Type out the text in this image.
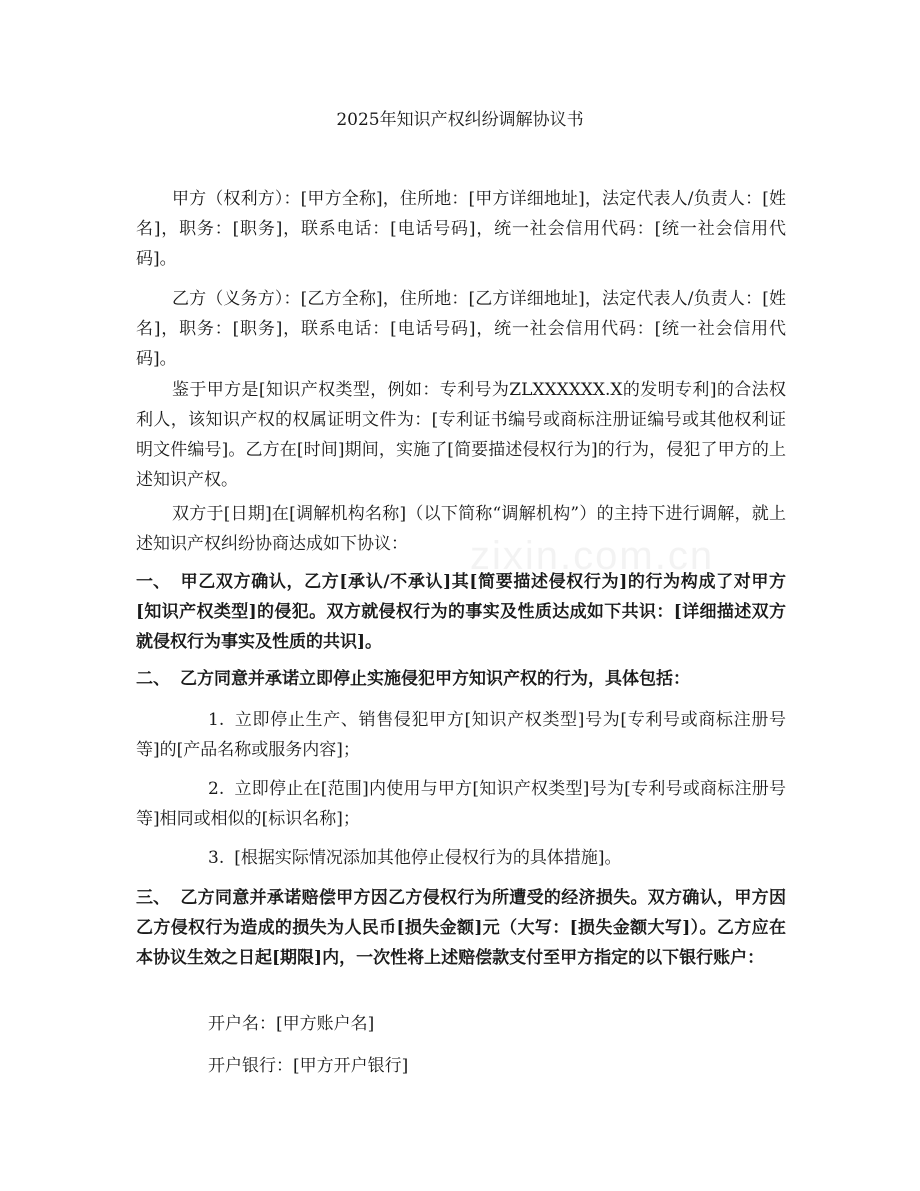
2025年知识产权纠纷调解协议书

甲方（权利方）：[甲方全称]，住所地：[甲方详细地址]，法定代表人/负责人：[姓名]，职务：[职务]，联系电话：[电话号码]，统一社会信用代码：[统一社会信用代码]。

乙方（义务方）：[乙方全称]，住所地：[乙方详细地址]，法定代表人/负责人：[姓名]，职务：[职务]，联系电话：[电话号码]，统一社会信用代码：[统一社会信用代码]。

鉴于甲方是[知识产权类型，例如：专利号为ZLXXXXXX.X的发明专利]的合法权利人，该知识产权的权属证明文件为：[专利证书编号或商标注册证编号或其他权利证明文件编号]。乙方在[时间]期间，实施了[简要描述侵权行为]的行为，侵犯了甲方的上述知识产权。

双方于[日期]在[调解机构名称]（以下简称“调解机构”）的主持下进行调解，就上述知识产权纠纷协商达成如下协议：

一、 甲乙双方确认，乙方[承认/不承认]其[简要描述侵权行为]的行为构成了对甲方[知识产权类型]的侵犯。双方就侵权行为的事实及性质达成如下共识：[详细描述双方就侵权行为事实及性质的共识]。

二、 乙方同意并承诺立即停止实施侵犯甲方知识产权的行为，具体包括：

1. 立即停止生产、销售侵犯甲方[知识产权类型]号为[专利号或商标注册号等]的[产品名称或服务内容]；

2. 立即停止在[范围]内使用与甲方[知识产权类型]号为[专利号或商标注册号等]相同或相似的[标识名称]；

3. [根据实际情况添加其他停止侵权行为的具体措施]。

三、 乙方同意并承诺赔偿甲方因乙方侵权行为所遭受的经济损失。双方确认，甲方因乙方侵权行为造成的损失为人民币[损失金额]元（大写：[损失金额大写]）。乙方应在本协议生效之日起[期限]内，一次性将上述赔偿款支付至甲方指定的以下银行账户：

开户名：[甲方账户名]

开户银行：[甲方开户银行]

zixin.com.cn
